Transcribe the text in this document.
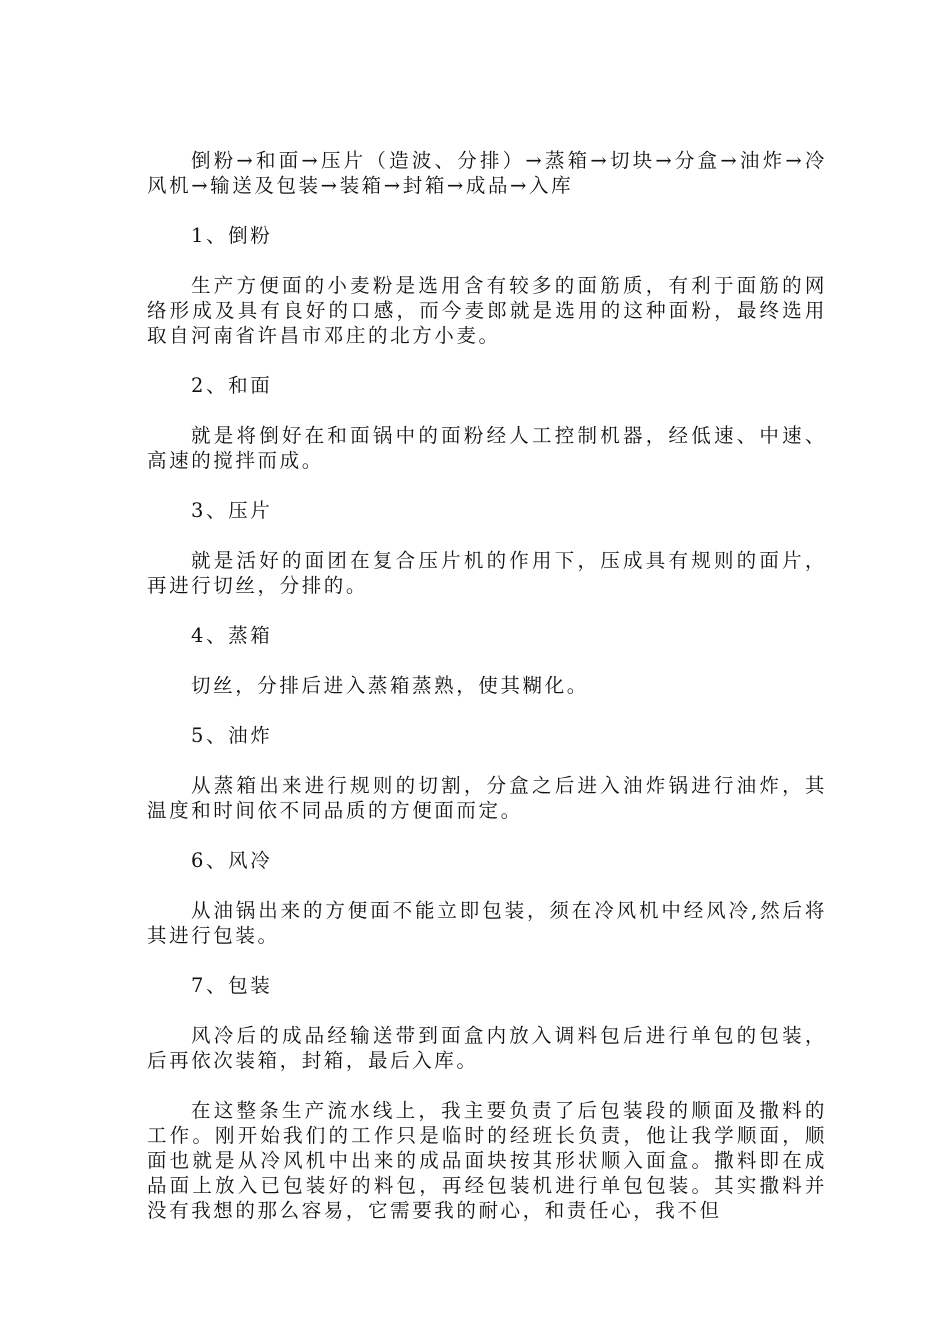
倒粉→和面→压片（造波、分排）→蒸箱→切块→分盒→油炸→冷风机→输送及包装→装箱→封箱→成品→入库

1、倒粉

生产方便面的小麦粉是选用含有较多的面筋质，有利于面筋的网络形成及具有良好的口感，而今麦郎就是选用的这种面粉，最终选用取自河南省许昌市邓庄的北方小麦。

2、和面

就是将倒好在和面锅中的面粉经人工控制机器，经低速、中速、高速的搅拌而成。

3、压片

就是活好的面团在复合压片机的作用下，压成具有规则的面片，再进行切丝，分排的。

4、蒸箱

切丝，分排后进入蒸箱蒸熟，使其糊化。

5、油炸

从蒸箱出来进行规则的切割，分盒之后进入油炸锅进行油炸，其温度和时间依不同品质的方便面而定。

6、风冷

从油锅出来的方便面不能立即包装，须在冷风机中经风冷,然后将其进行包装。

7、包装

风冷后的成品经输送带到面盒内放入调料包后进行单包的包装，后再依次装箱，封箱，最后入库。

在这整条生产流水线上，我主要负责了后包装段的顺面及撒料的工作。刚开始我们的工作只是临时的经班长负责，他让我学顺面，顺面也就是从冷风机中出来的成品面块按其形状顺入面盒。撒料即在成品面上放入已包装好的料包，再经包装机进行单包包装。其实撒料并没有我想的那么容易，它需要我的耐心，和责任心，我不但
